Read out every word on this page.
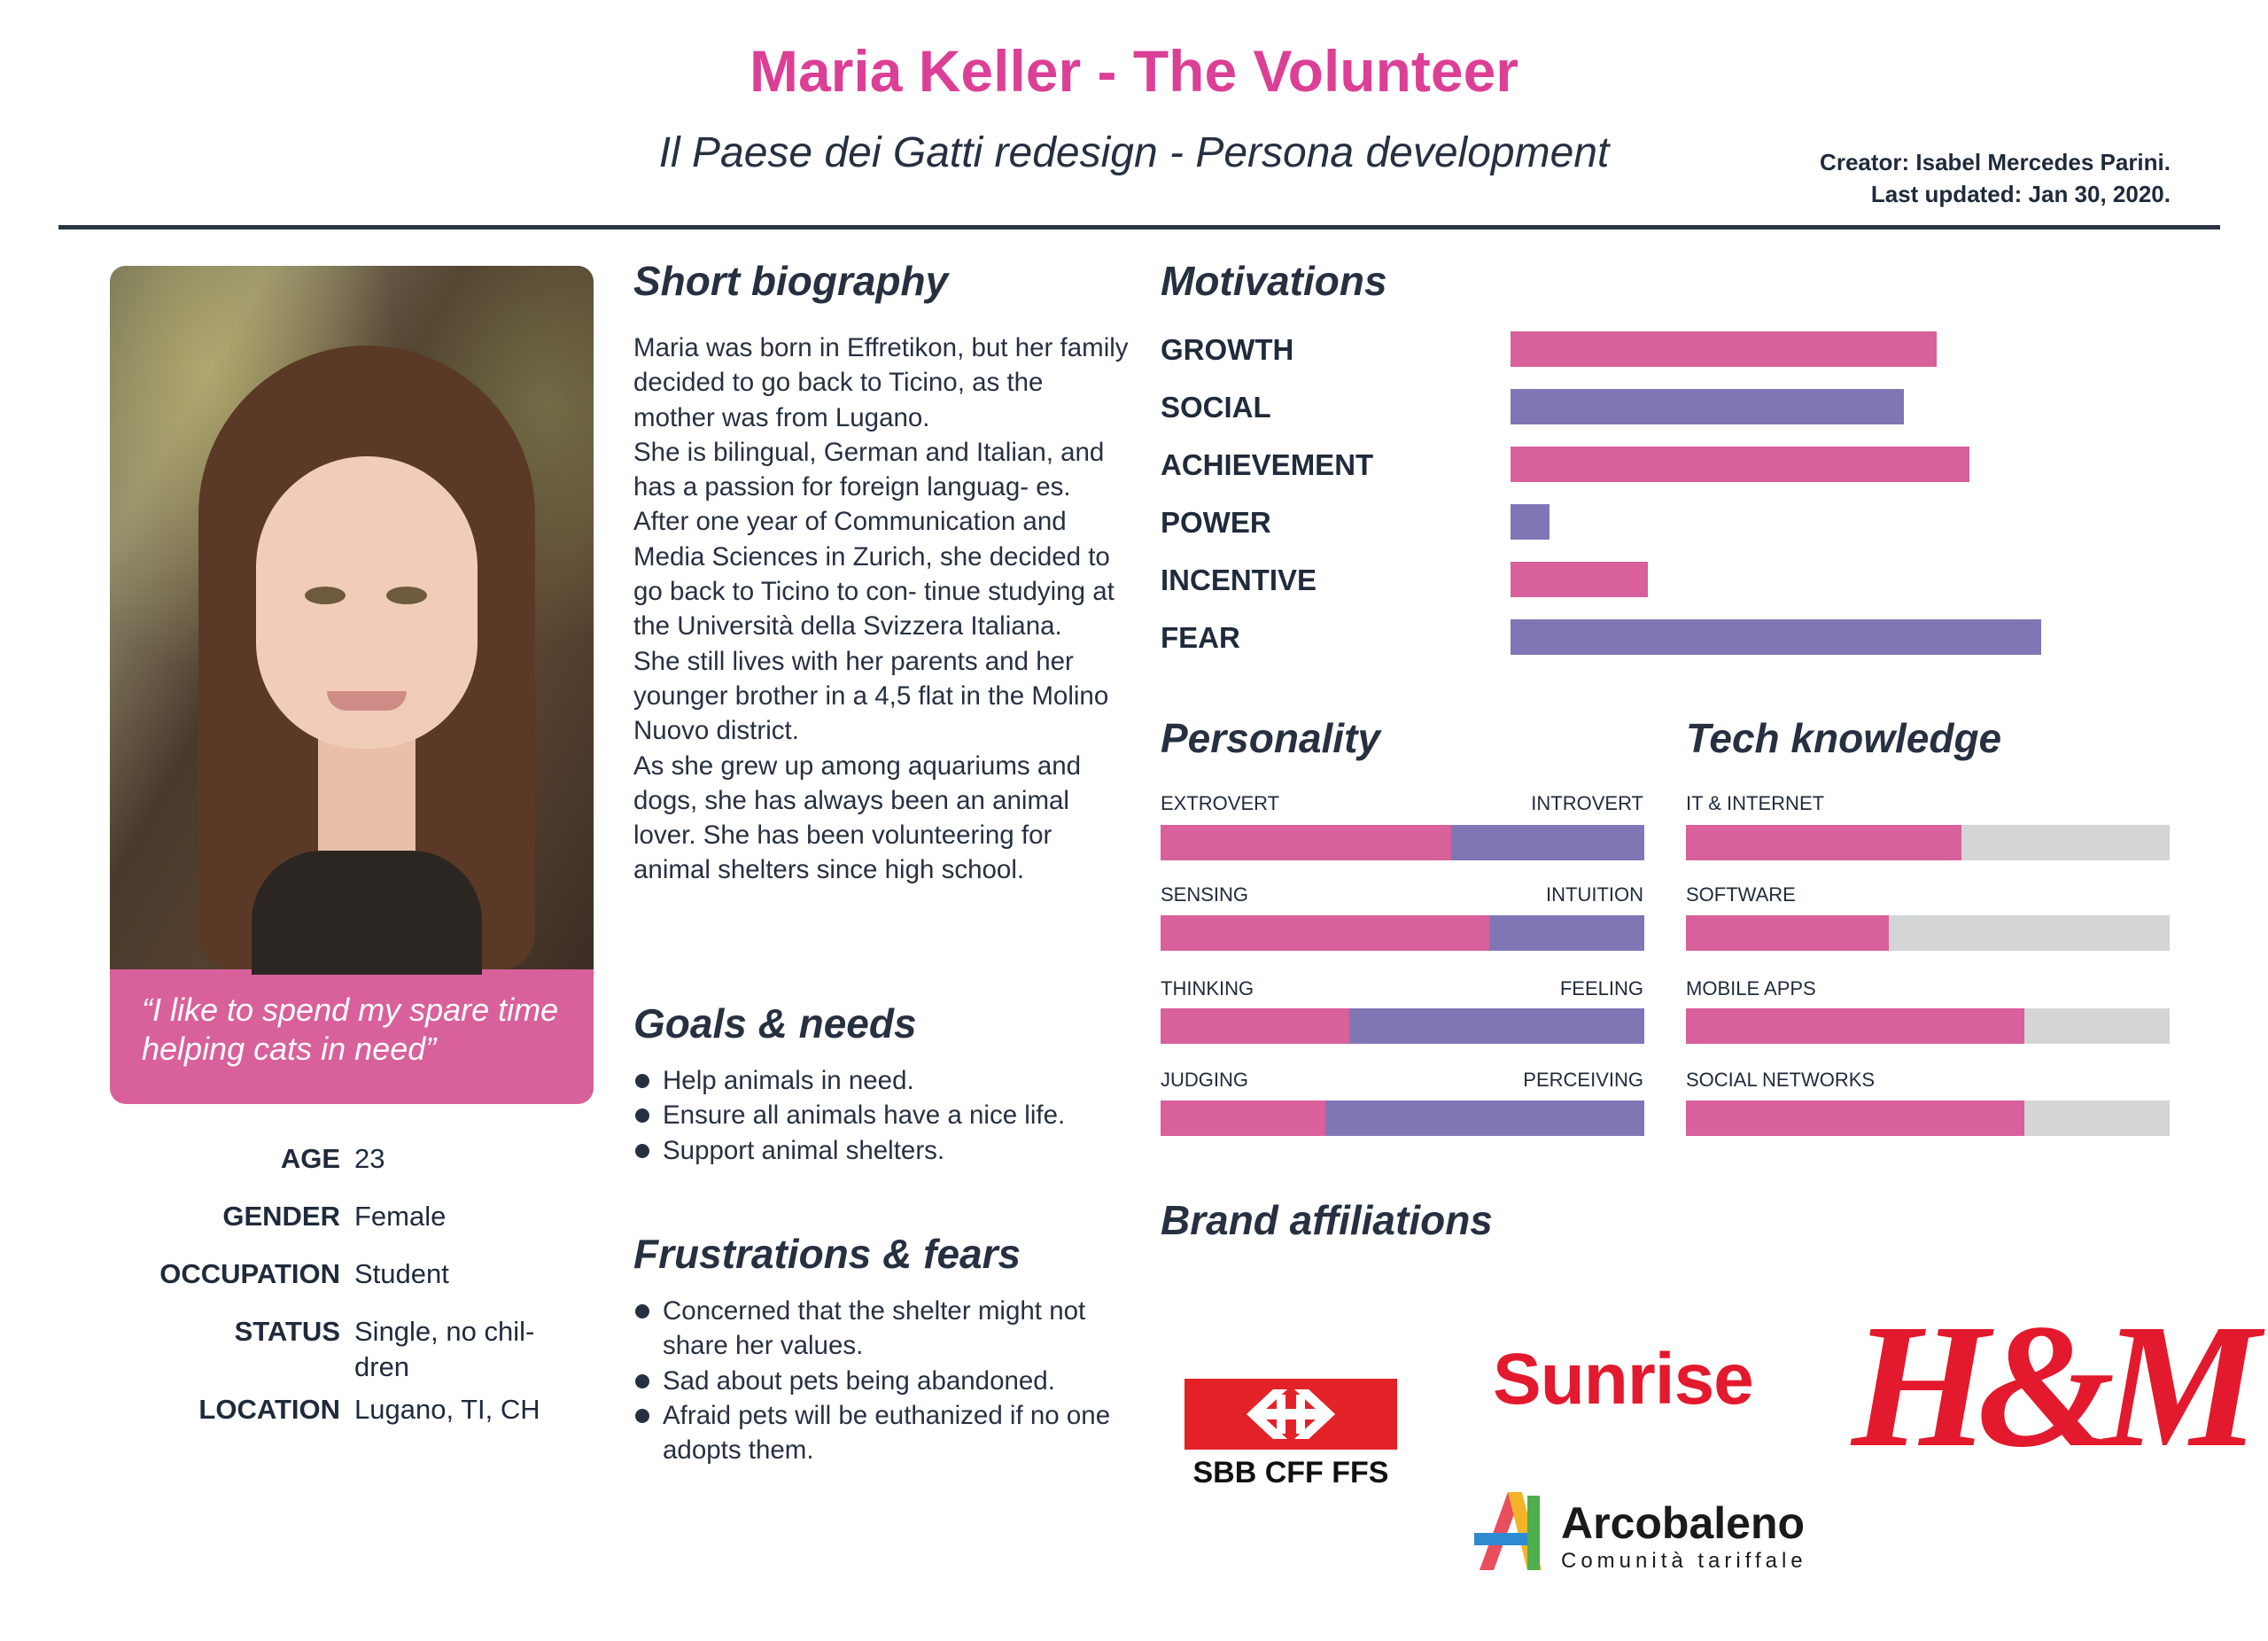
Maria Keller - The Volunteer
Il Paese dei Gatti redesign - Persona development	Creator: Isabel Mercedes Parini.
Last updated: Jan 30, 2020.
“I like to spend my spare time helping cats in need”
AGE 23
GENDER Female
OCCUPATION Student
STATUS Single, no chil- dren
LOCATION Lugano, TI, CH
Short biography

Maria was born in Effretikon, but her family decided to go back to Ticino, as the mother was from Lugano.

She is bilingual, German and Italian, and has a passion for foreign languag- es. After one year of Communication and Media Sciences in Zurich, she decided to go back to Ticino to con- tinue studying at the Università della Svizzera Italiana.

She still lives with her parents and her younger brother in a 4,5 flat in the Molino Nuovo district.

As she grew up among aquariums and dogs, she has always been an animal lover. She has been volunteering for animal shelters since high school.

Goals & needs
Help animals in need.
Ensure all animals have a nice life.
Support animal shelters.
Frustrations & fears
Concerned that the shelter might not share her values.
Sad about pets being abandoned.
Afraid pets will be euthanized if no one adopts them.
Motivations
GROWTH
SOCIAL
ACHIEVEMENT
POWER
INCENTIVE
FEAR
Personality
EXTROVERT	INTROVERT
SENSING	INTUITION
THINKING	FEELING
JUDGING	PERCEIVING
Tech knowledge
IT & INTERNET
SOFTWARE
MOBILE APPS
SOCIAL NETWORKS
Brand affiliations
SBB CFF FFS
Sunrise H&M
Arcobaleno
Comunità tariffale
